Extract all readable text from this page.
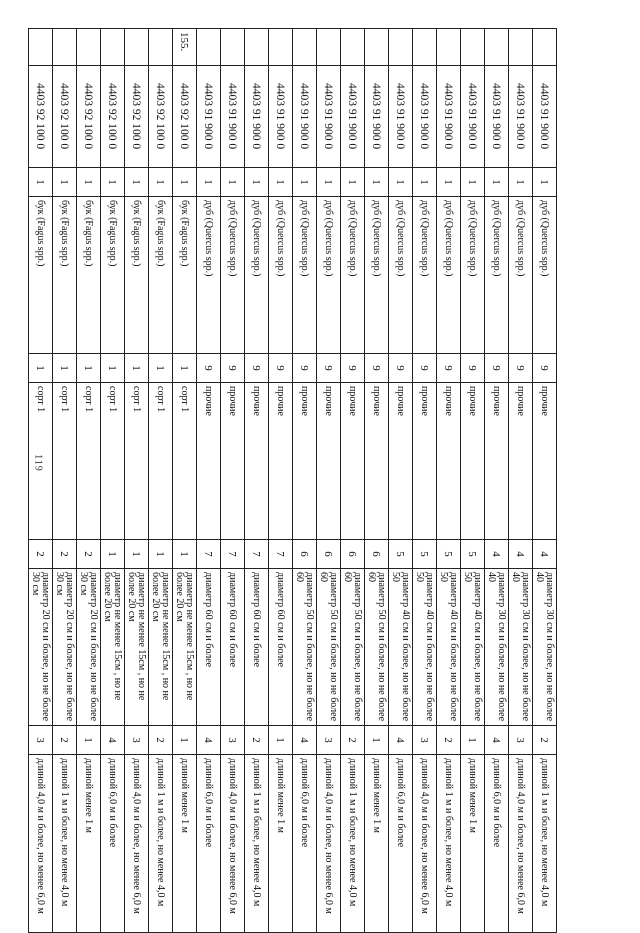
119
	4403 91 900 0	1	дуб (Quercus spp.)	9	прочие	4	диаметр 30 см и более, но не более 40	2	длиной 1 м и более, но менее 4,0 м
	4403 91 900 0	1	дуб (Quercus spp.)	9	прочие	4	диаметр 30 см и более, но не более 40	3	длиной 4,0 м и более, но менее 6,0 м
	4403 91 900 0	1	дуб (Quercus spp.)	9	прочие	4	диаметр 30 см и более, но не более 40	4	длиной 6,0 м и более
	4403 91 900 0	1	дуб (Quercus spp.)	9	прочие	5	диаметр 40 см и более, но не более 50	1	длиной менее 1 м
	4403 91 900 0	1	дуб (Quercus spp.)	9	прочие	5	диаметр 40 см и более, но не более 50	2	длиной 1 м и более, но менее 4,0 м
	4403 91 900 0	1	дуб (Quercus spp.)	9	прочие	5	диаметр 40 см и более, но не более 50	3	длиной 4,0 м и более, но менее 6,0 м
	4403 91 900 0	1	дуб (Quercus spp.)	9	прочие	5	диаметр 40 см и более, но не более 50	4	длиной 6,0 м и более
	4403 91 900 0	1	дуб (Quercus spp.)	9	прочие	6	диаметр 50 см и более, но не более 60	1	длиной менее 1 м
	4403 91 900 0	1	дуб (Quercus spp.)	9	прочие	6	диаметр 50 см и более, но не более 60	2	длиной 1 м и более, но менее 4,0 м
	4403 91 900 0	1	дуб (Quercus spp.)	9	прочие	6	диаметр 50 см и более, но не более 60	3	длиной 4,0 м и более, но менее 6,0 м
	4403 91 900 0	1	дуб (Quercus spp.)	9	прочие	6	диаметр 50 см и более, но не более 60	4	длиной 6,0 м и более
	4403 91 900 0	1	дуб (Quercus spp.)	9	прочие	7	диаметр 60 см и более	1	длиной менее 1 м
	4403 91 900 0	1	дуб (Quercus spp.)	9	прочие	7	диаметр 60 см и более	2	длиной 1 м и более, но менее 4,0 м
	4403 91 900 0	1	дуб (Quercus spp.)	9	прочие	7	диаметр 60 см и более	3	длиной 4,0 м и более, но менее 6,0 м
	4403 91 900 0	1	дуб (Quercus spp.)	9	прочие	7	диаметр 60 см и более	4	длиной 6,0 м и более
155.	4403 92 100 0	1	бук (Fagus spp.)	1	сорт 1	1	диаметр не менее 15см , но не более 20 см	1	длиной менее 1 м
	4403 92 100 0	1	бук (Fagus spp.)	1	сорт 1	1	диаметр не менее 15см , но не более 20 см	2	длиной 1 м и более, но менее 4,0 м
	4403 92 100 0	1	бук (Fagus spp.)	1	сорт 1	1	диаметр не менее 15см , но не более 20 см	3	длиной 4,0 м и более, но менее 6,0 м
	4403 92 100 0	1	бук (Fagus spp.)	1	сорт 1	1	диаметр не менее 15см , но не более 20 см	4	длиной 6,0 м и более
	4403 92 100 0	1	бук (Fagus spp.)	1	сорт 1	2	диаметр 20 см и более, но не более 30 см	1	длиной менее 1 м
	4403 92 100 0	1	бук (Fagus spp.)	1	сорт 1	2	диаметр 20 см и более, но не более 30 см	2	длиной 1 м и более, но менее 4,0 м
	4403 92 100 0	1	бук (Fagus spp.)	1	сорт 1	2	диаметр 20 см и более, но не более 30 см	3	длиной 4,0 м и более, но менее 6,0 м
